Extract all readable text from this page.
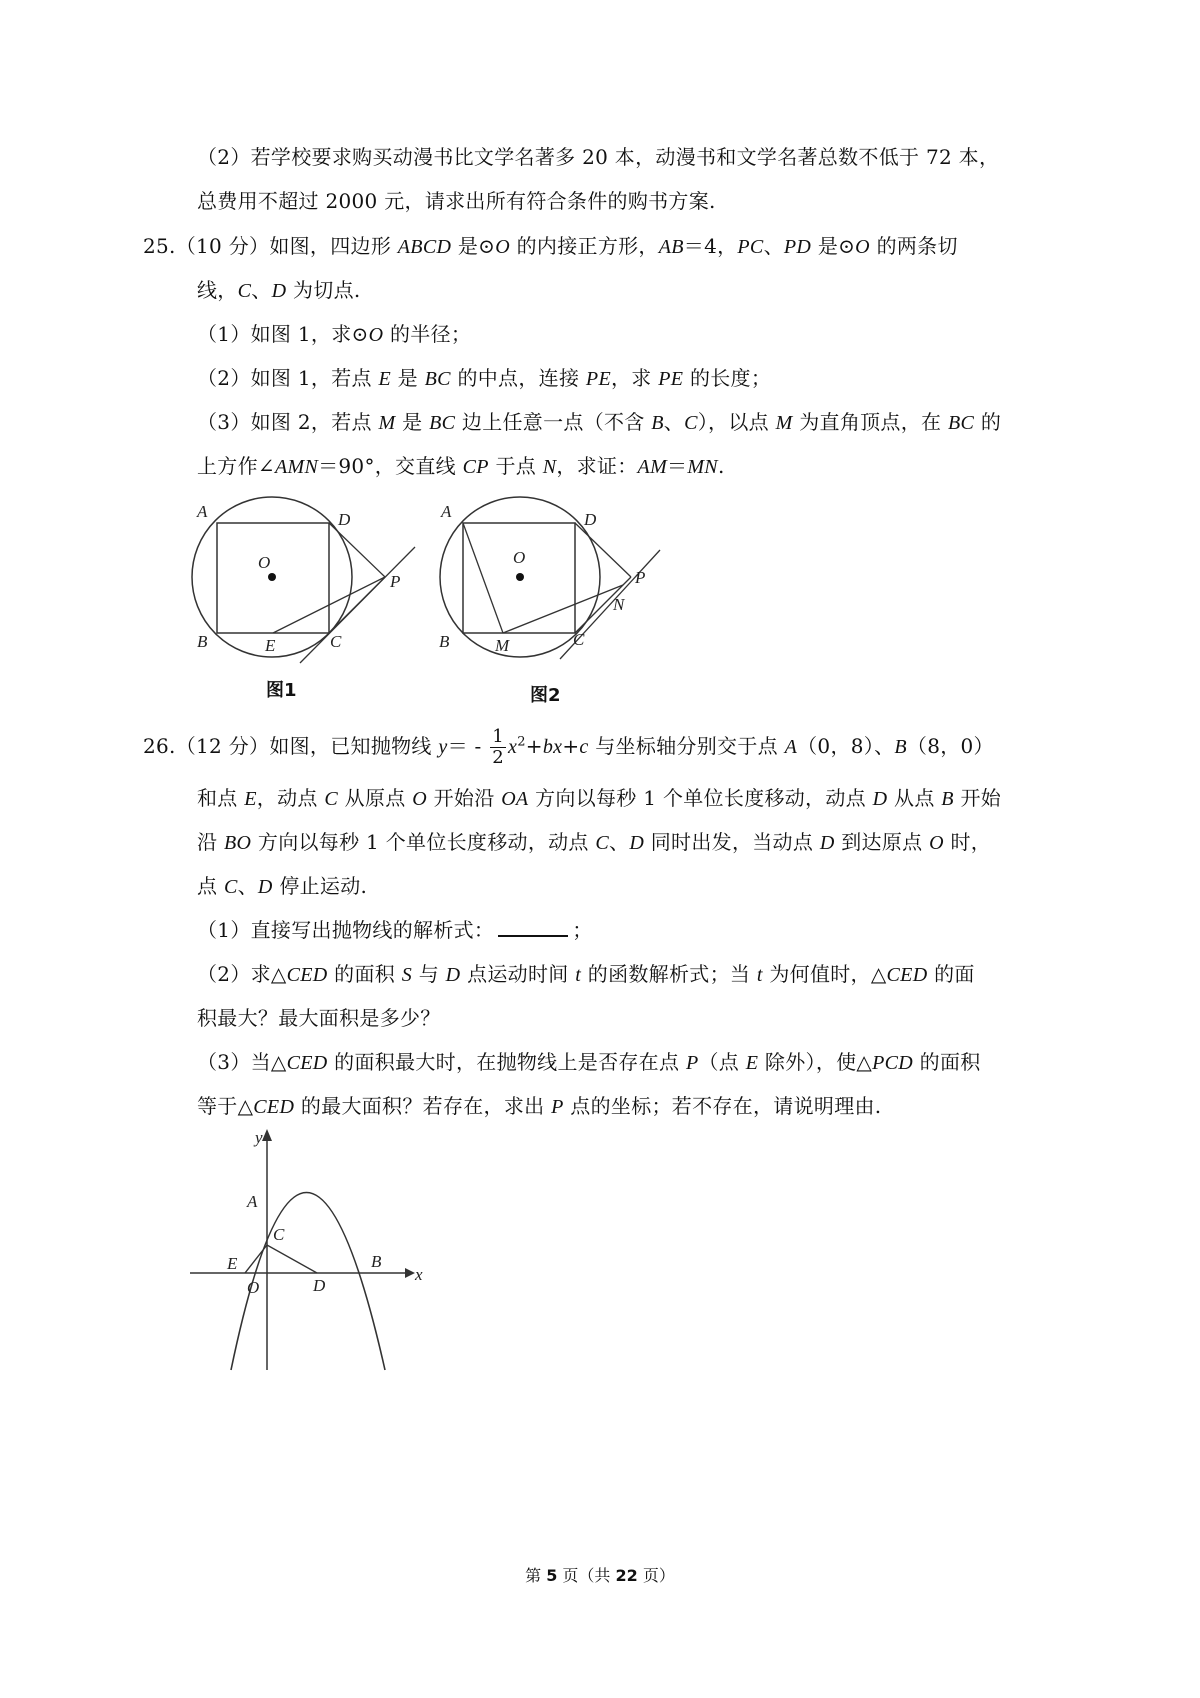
（2）若学校要求购买动漫书比文学名著多 20 本，动漫书和文学名著总数不低于 72 本，
总费用不超过 2000 元，请求出所有符合条件的购书方案.
25.（10 分）如图，四边形 ABCD 是⊙O 的内接正方形，AB＝4，PC、PD 是⊙O 的两条切
线，C、D 为切点.
（1）如图 1，求⊙O 的半径；
（2）如图 1，若点 E 是 BC 的中点，连接 PE，求 PE 的长度；
（3）如图 2，若点 M 是 BC 边上任意一点（不含 B、C），以点 M 为直角顶点，在 BC 的
上方作∠AMN＝90°，交直线 CP 于点 N，求证：AM＝MN.
A	D
O
P
B	E	C
图1
A	D
O
P
N
B	M	C
图2
26.（12 分）如图，已知抛物线 $y= - \frac{1}{2} x^2+bx+c$ 与坐标轴分别交于点 A（0，8）、B（8，0）
和点 E，动点 C 从原点 O 开始沿 OA 方向以每秒 1 个单位长度移动，动点 D 从点 B 开始
沿 BO 方向以每秒 1 个单位长度移动，动点 C、D 同时出发，当动点 D 到达原点 O 时，
点 C、D 停止运动.
（1）直接写出抛物线的解析式：	；
（2）求△CED 的面积 S 与 D 点运动时间 t 的函数解析式；当 t 为何值时，△CED 的面
积最大？最大面积是多少？
（3）当△CED 的面积最大时，在抛物线上是否存在点 P（点 E 除外），使△PCD 的面积
等于△CED 的最大面积？若存在，求出 P 点的坐标；若不存在，请说明理由.
y
A
C
E
O	D
B
x
第 5 页（共 22 页）
